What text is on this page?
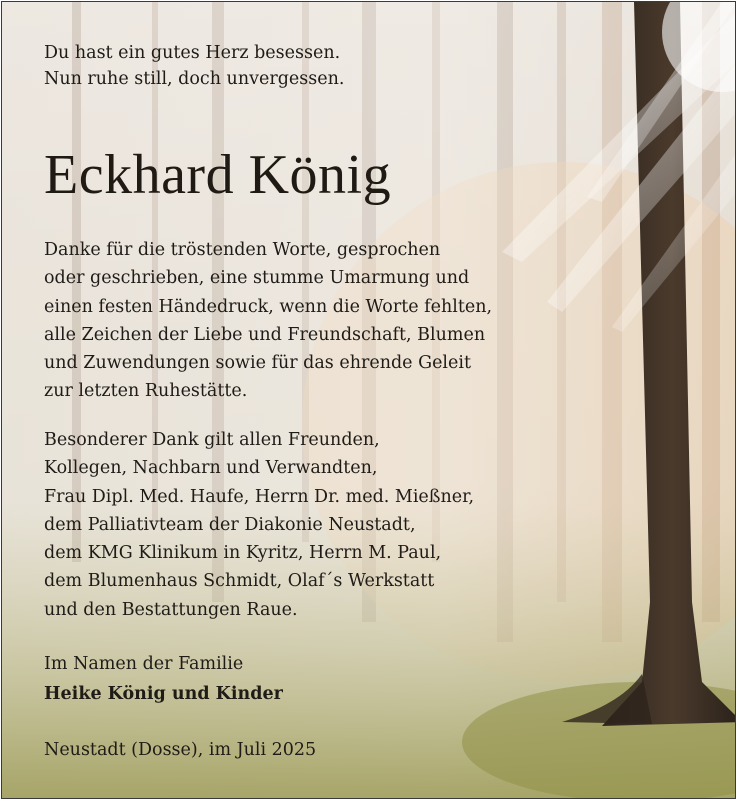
Du hast ein gutes Herz besessen.
Nun ruhe still, doch unvergessen.
Eckhard König
Danke für die tröstenden Worte, gesprochen
oder geschrieben, eine stumme Umarmung und
einen festen Händedruck, wenn die Worte fehlten,
alle Zeichen der Liebe und Freundschaft, Blumen
und Zuwendungen sowie für das ehrende Geleit
zur letzten Ruhestätte.
Besonderer Dank gilt allen Freunden,
Kollegen, Nachbarn und Verwandten,
Frau Dipl. Med. Haufe, Herrn Dr. med. Mießner,
dem Palliativteam der Diakonie Neustadt,
dem KMG Klinikum in Kyritz, Herrn M. Paul,
dem Blumenhaus Schmidt, Olaf´s Werkstatt
und den Bestattungen Raue.
Im Namen der Familie
Heike König und Kinder
Neustadt (Dosse), im Juli 2025
